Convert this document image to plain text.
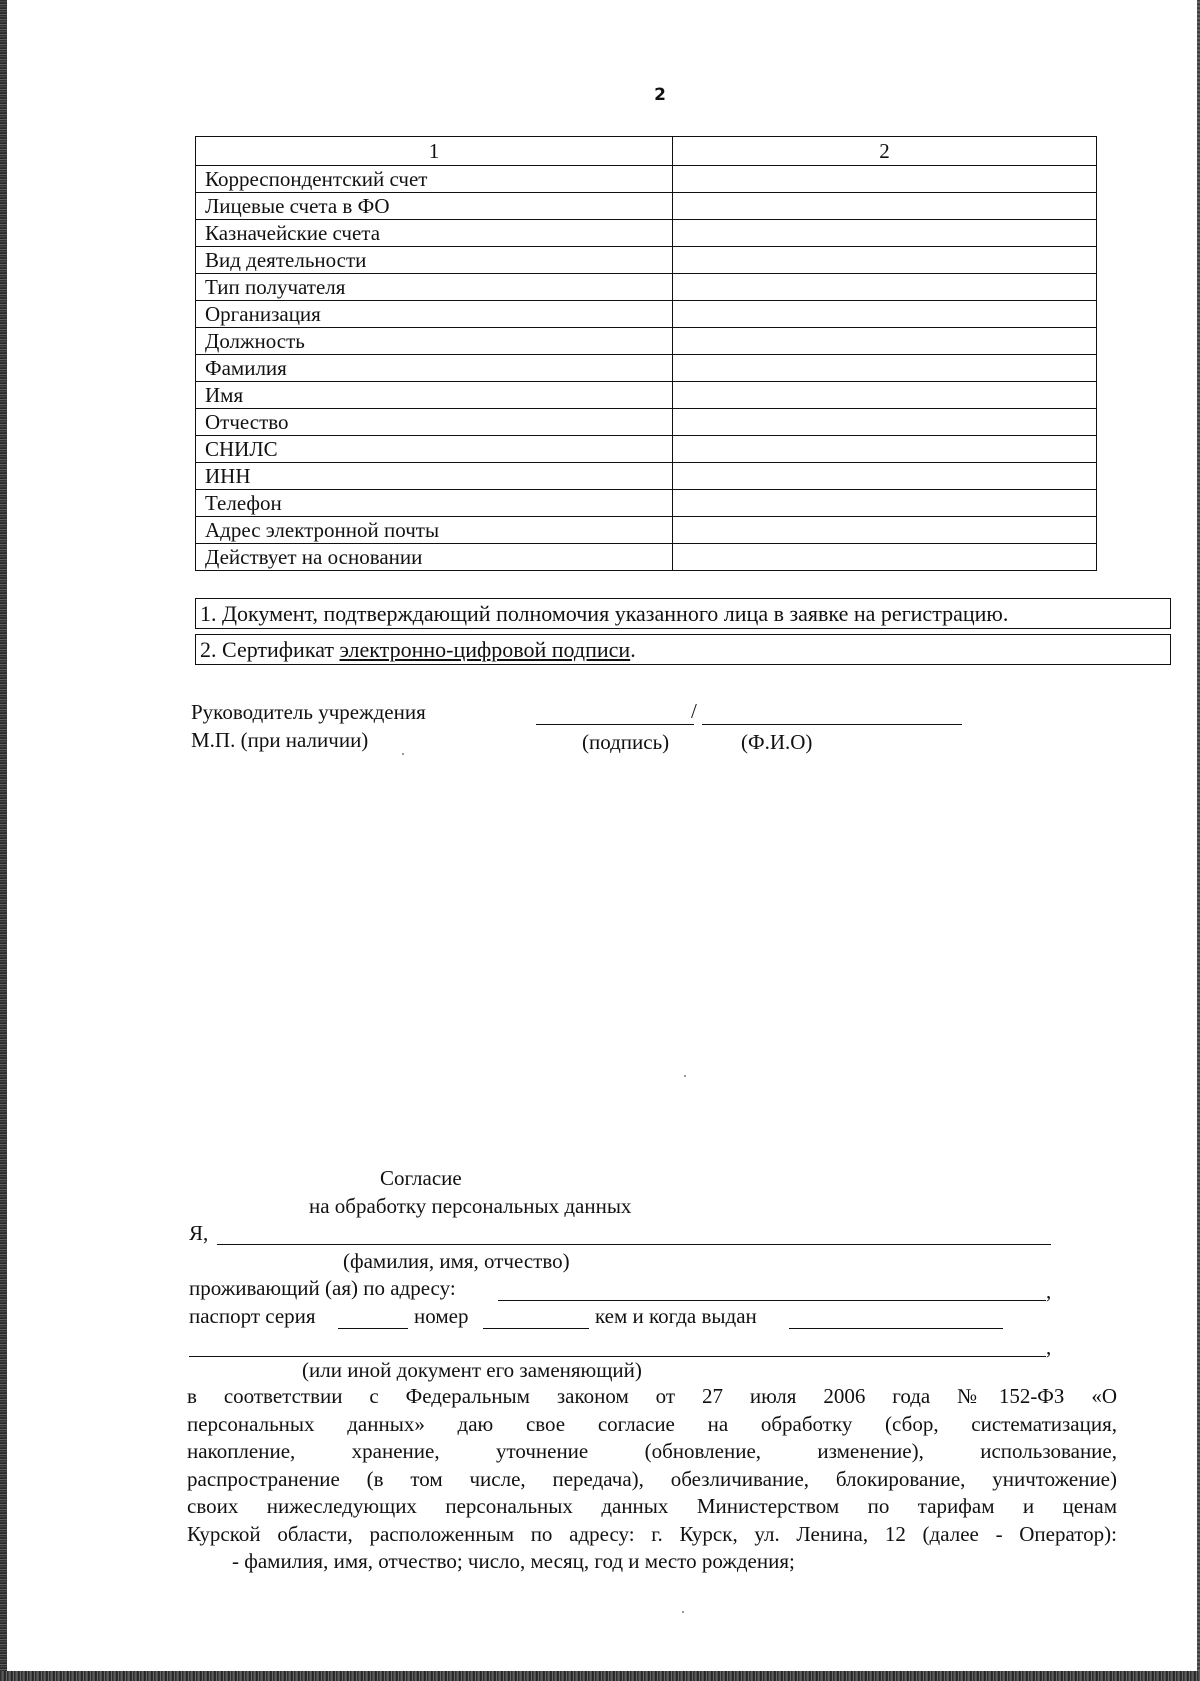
2
1	2
Корреспондентский счет	
Лицевые счета в ФО	
Казначейские счета	
Вид деятельности	
Тип получателя	
Организация	
Должность	
Фамилия	
Имя	
Отчество	
СНИЛС	
ИНН	
Телефон	
Адрес электронной почты	
Действует на основании	
1. Документ, подтверждающий полномочия указанного лица в заявке на регистрацию.
2. Сертификат электронно-цифровой подписи.
Руководитель учреждения
М.П. (при наличии)
/
(подпись)	(Ф.И.О)
Согласие
на обработку персональных данных
Я,
(фамилия, имя, отчество)
проживающий (ая) по адресу:	,
паспорт серия	номер	кем и когда выдан
,
(или иной документ его заменяющий)

в соответствии с Федеральным законом от 27 июля 2006 года №152-ФЗ «О

персональных данных» даю свое согласие на обработку (сбор, систематизация,

накопление, хранение, уточнение (обновление, изменение), использование,

распространение (в том числе, передача), обезличивание, блокирование, уничтожение)

своих нижеследующих персональных данных Министерством по тарифам и ценам

Курской области, расположенным по адресу: г. Курск, ул. Ленина, 12 (далее - Оператор):

- фамилия, имя, отчество; число, месяц, год и место рождения;
